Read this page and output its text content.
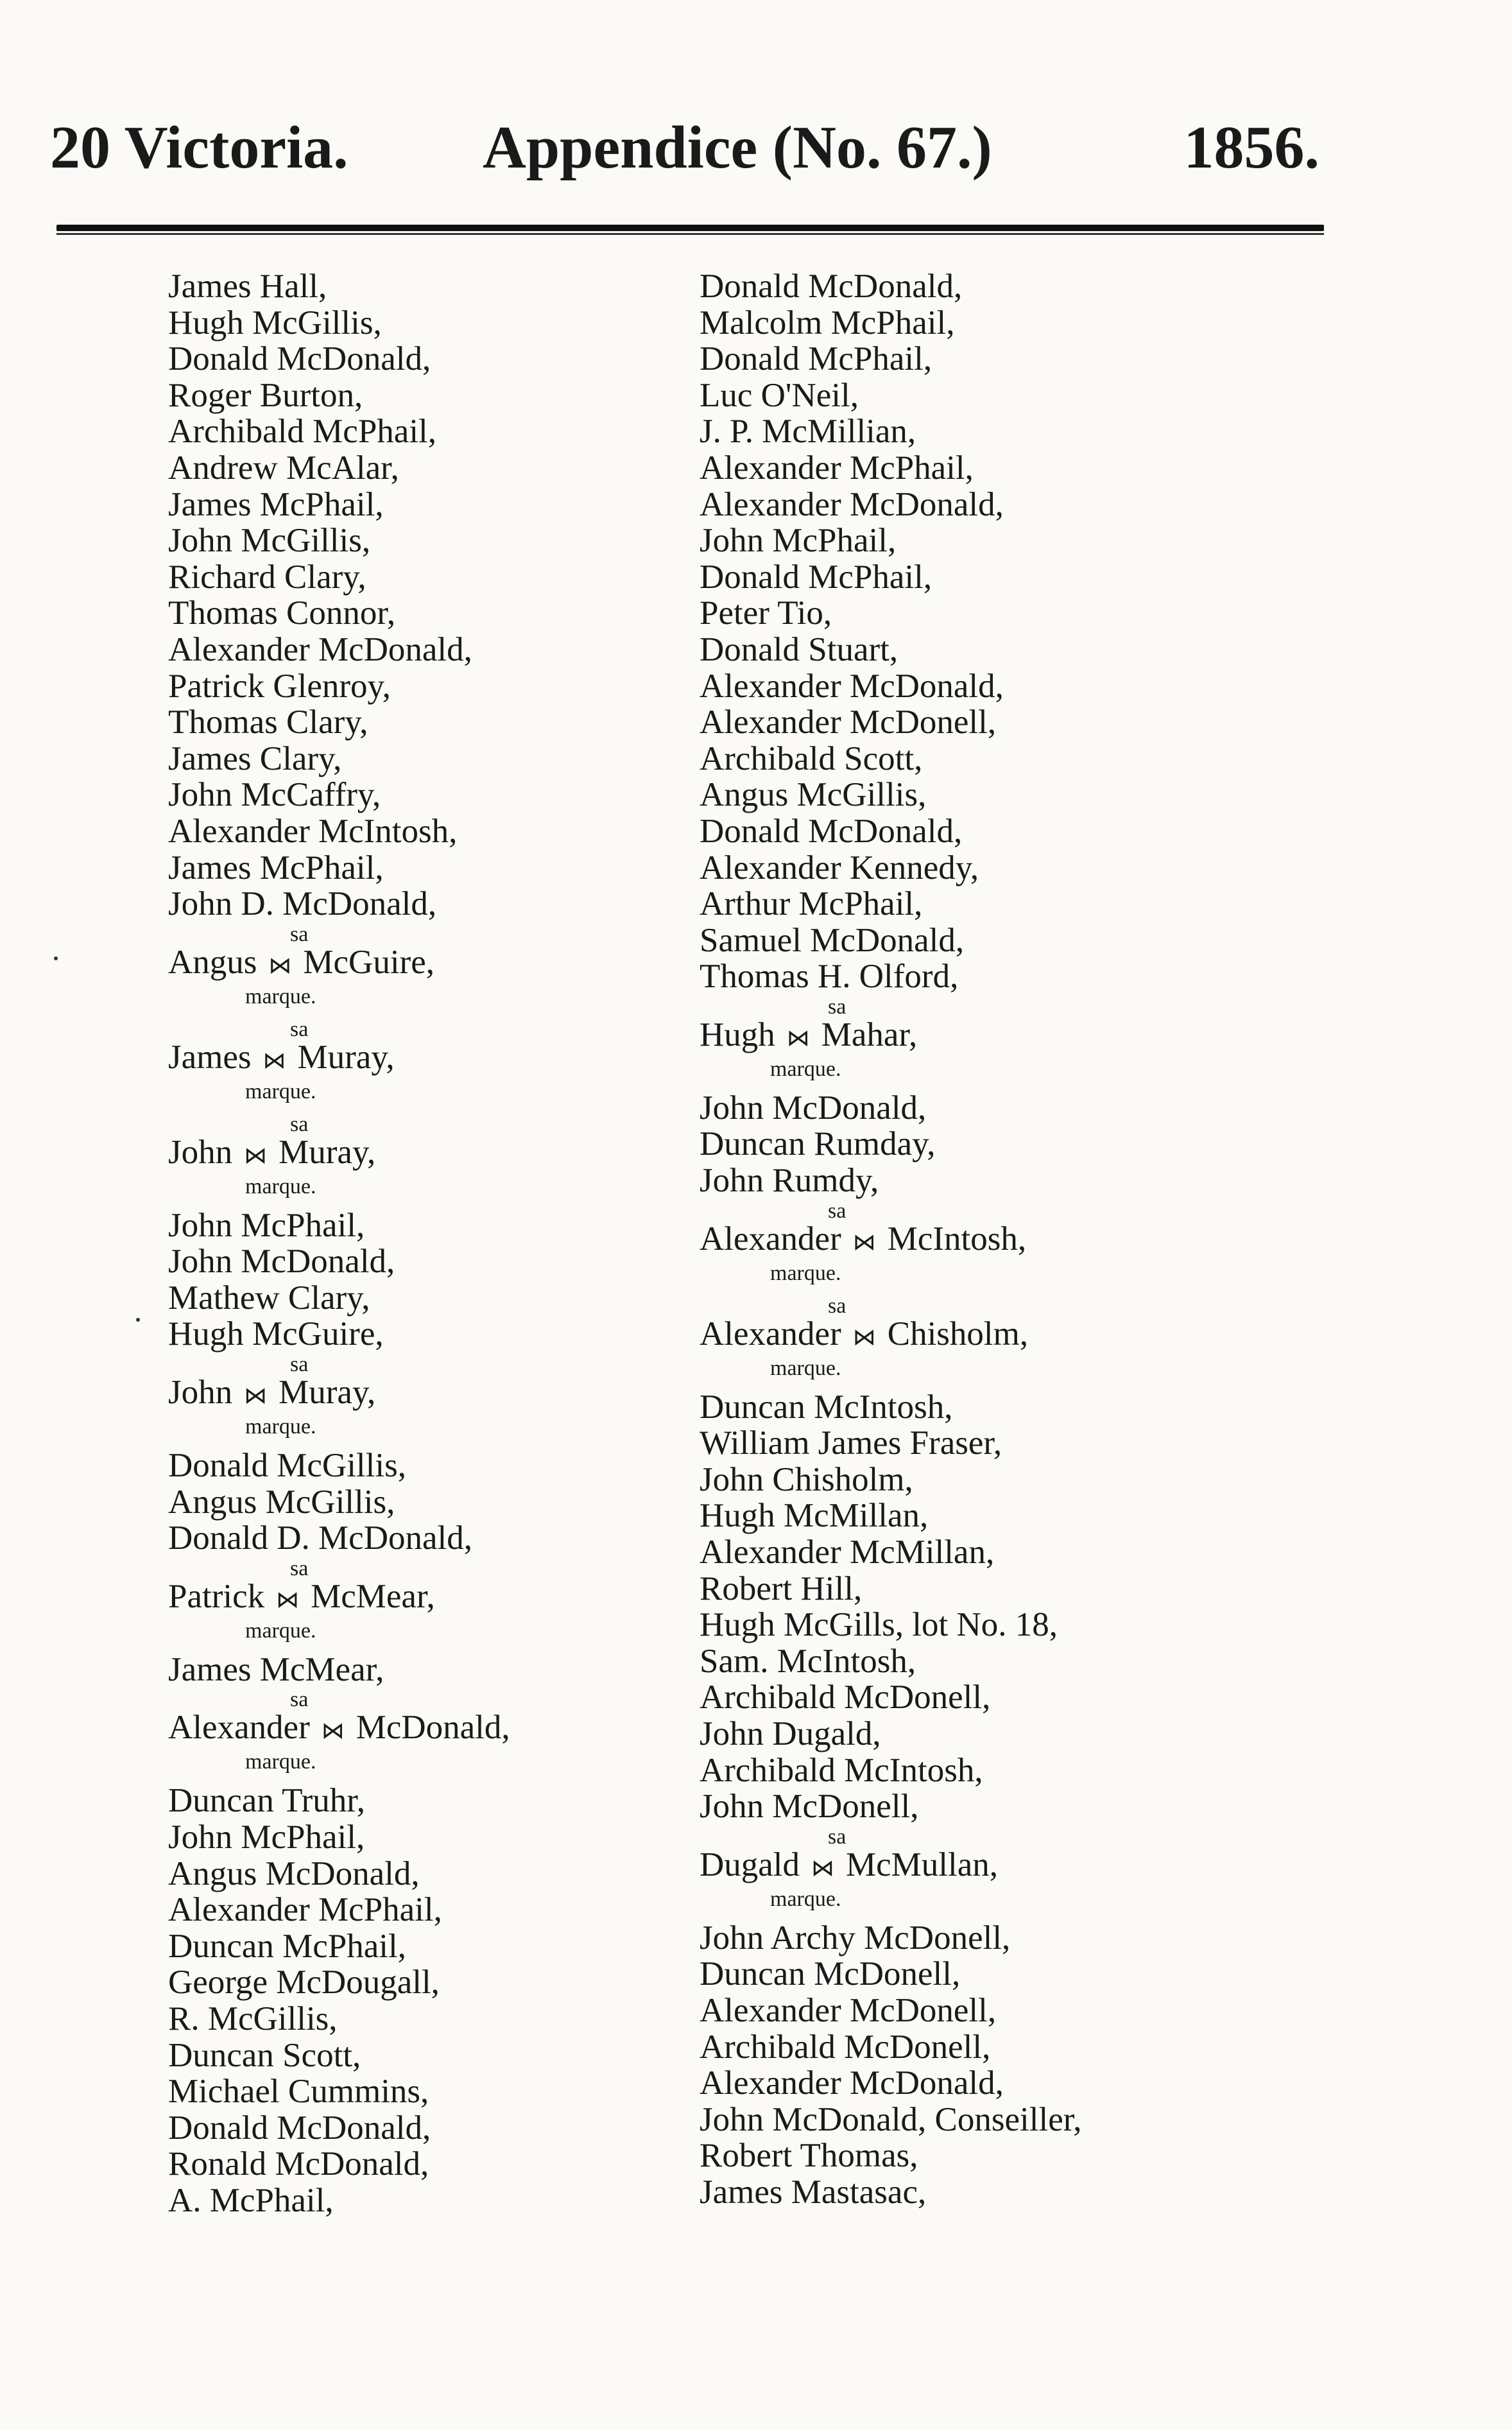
20 Victoria. Appendice (No. 67.)	1856.
James Hall,
Hugh McGillis,
Donald McDonald,
Roger Burton,
Archibald McPhail,
Andrew McAlar,
James McPhail,
John McGillis,
Richard Clary,
Thomas Connor,
Alexander McDonald,
Patrick Glenroy,
Thomas Clary,
James Clary,
John McCaffry,
Alexander McIntosh,
James McPhail,
John D. McDonald,
sa
Angus ⋈ McGuire,
marque.
sa
James ⋈ Muray,
marque.
sa
John ⋈ Muray,
marque.
John McPhail,
John McDonald,
Mathew Clary,
Hugh McGuire,
sa
John ⋈ Muray,
marque.
Donald McGillis,
Angus McGillis,
Donald D. McDonald,
sa
Patrick ⋈ McMear,
marque.
James McMear,
sa
Alexander ⋈ McDonald,
marque.
Duncan Truhr,
John McPhail,
Angus McDonald,
Alexander McPhail,
Duncan McPhail,
George McDougall,
R. McGillis,
Duncan Scott,
Michael Cummins,
Donald McDonald,
Ronald McDonald,
A. McPhail,
Donald McDonald,
Malcolm McPhail,
Donald McPhail,
Luc O'Neil,
J. P. McMillian,
Alexander McPhail,
Alexander McDonald,
John McPhail,
Donald McPhail,
Peter Tio,
Donald Stuart,
Alexander McDonald,
Alexander McDonell,
Archibald Scott,
Angus McGillis,
Donald McDonald,
Alexander Kennedy,
Arthur McPhail,
Samuel McDonald,
Thomas H. Olford,
sa
Hugh ⋈ Mahar,
marque.
John McDonald,
Duncan Rumday,
John Rumdy,
sa
Alexander ⋈ McIntosh,
marque.
sa
Alexander ⋈ Chisholm,
marque.
Duncan McIntosh,
William James Fraser,
John Chisholm,
Hugh McMillan,
Alexander McMillan,
Robert Hill,
Hugh McGills, lot No. 18,
Sam. McIntosh,
Archibald McDonell,
John Dugald,
Archibald McIntosh,
John McDonell,
sa
Dugald ⋈ McMullan,
marque.
John Archy McDonell,
Duncan McDonell,
Alexander McDonell,
Archibald McDonell,
Alexander McDonald,
John McDonald, Conseiller,
Robert Thomas,
James Mastasac,
